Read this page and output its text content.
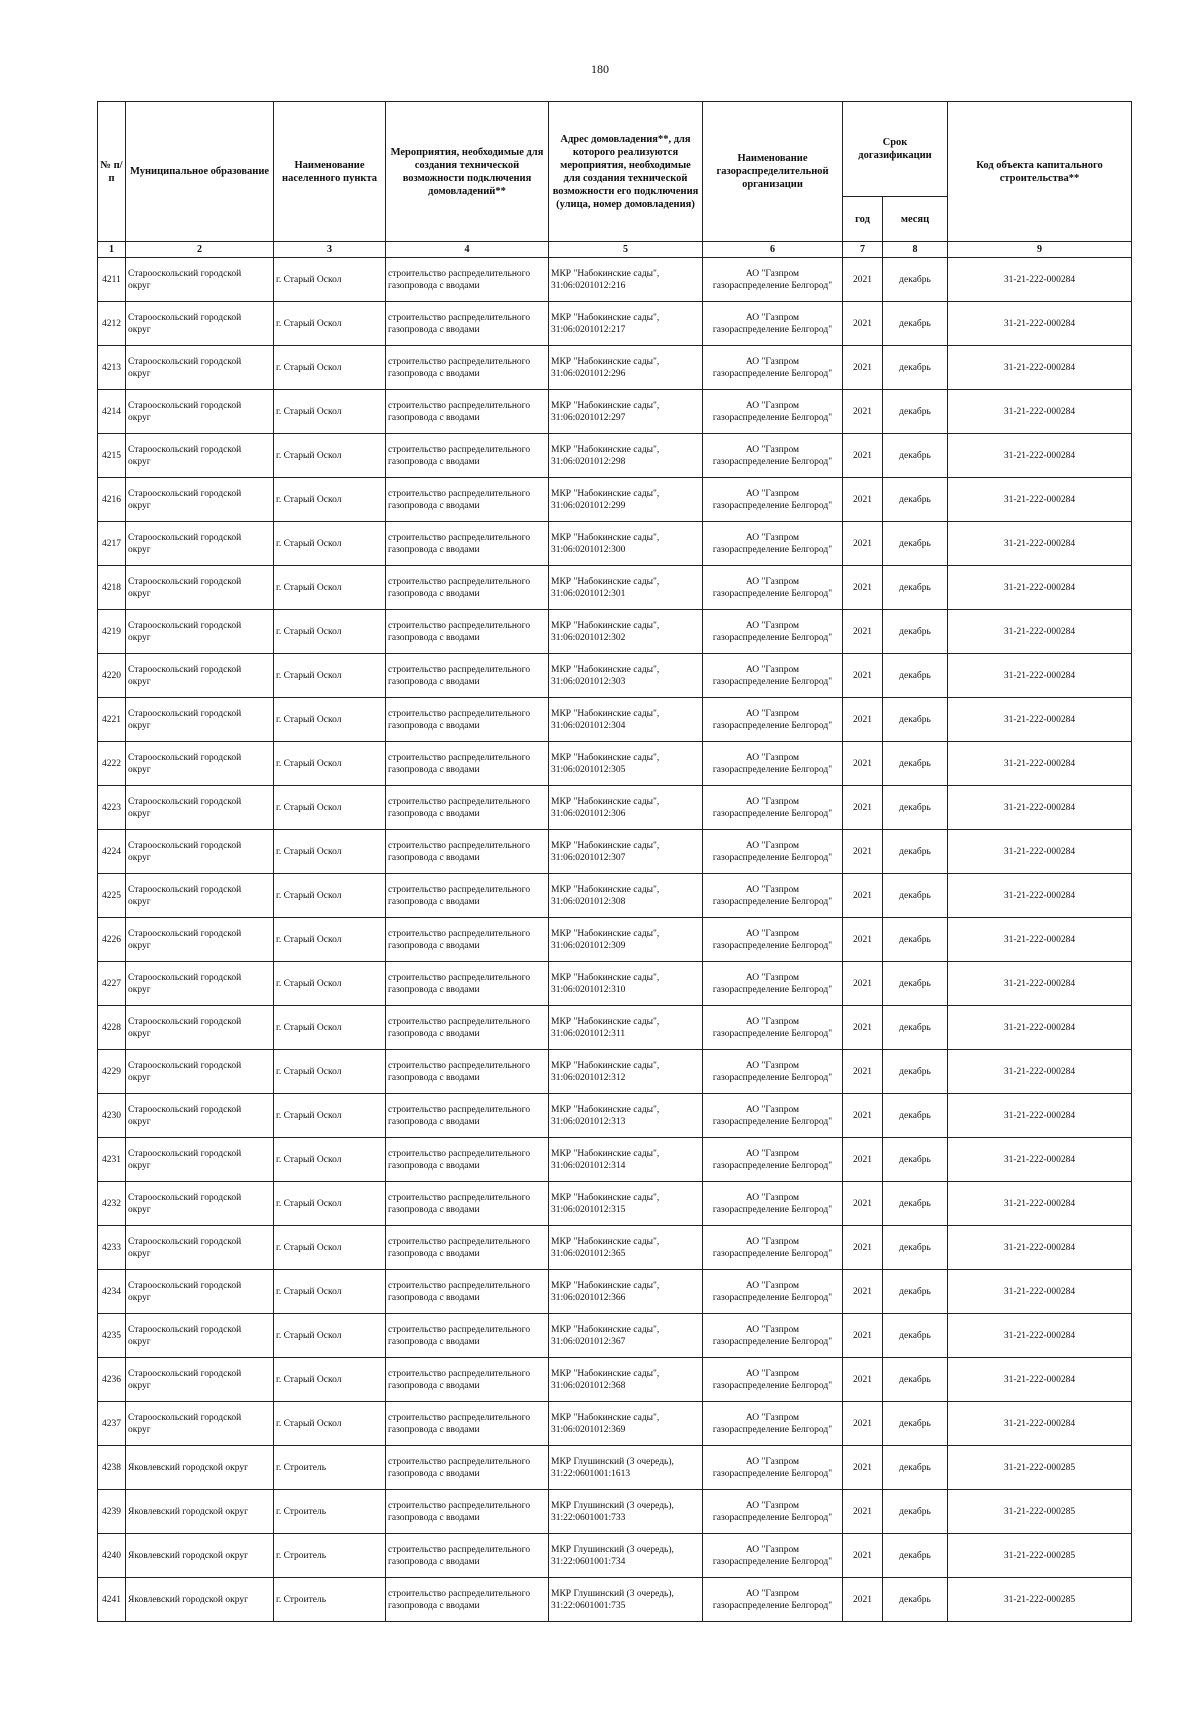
180
№ п/п	Муниципальное образование	Наименование населенного пункта	Мероприятия, необходимые для создания технической возможности подключения домовладений**	Адрес домовладения**, для которого реализуются мероприятия, необходимые для создания технической возможности его подключения (улица, номер домовладения)	Наименование газораспределительной организации	Срок догазификации		Код объекта капитального строительства**
						год	месяц	
1	2	3	4	5	6	7	8	9
4211	Старооскольский городской
округ	г. Старый Оскол	строительство распределительного
газопровода с вводами	МКР "Набокинские сады",
31:06:0201012:216	АО "Газпром
газораспределение Белгород"	2021	декабрь	31-21-222-000284
4212	Старооскольский городской
округ	г. Старый Оскол	строительство распределительного
газопровода с вводами	МКР "Набокинские сады",
31:06:0201012:217	АО "Газпром
газораспределение Белгород"	2021	декабрь	31-21-222-000284
4213	Старооскольский городской
округ	г. Старый Оскол	строительство распределительного
газопровода с вводами	МКР "Набокинские сады",
31:06:0201012:296	АО "Газпром
газораспределение Белгород"	2021	декабрь	31-21-222-000284
4214	Старооскольский городской
округ	г. Старый Оскол	строительство распределительного
газопровода с вводами	МКР "Набокинские сады",
31:06:0201012:297	АО "Газпром
газораспределение Белгород"	2021	декабрь	31-21-222-000284
4215	Старооскольский городской
округ	г. Старый Оскол	строительство распределительного
газопровода с вводами	МКР "Набокинские сады",
31:06:0201012:298	АО "Газпром
газораспределение Белгород"	2021	декабрь	31-21-222-000284
4216	Старооскольский городской
округ	г. Старый Оскол	строительство распределительного
газопровода с вводами	МКР "Набокинские сады",
31:06:0201012:299	АО "Газпром
газораспределение Белгород"	2021	декабрь	31-21-222-000284
4217	Старооскольский городской
округ	г. Старый Оскол	строительство распределительного
газопровода с вводами	МКР "Набокинские сады",
31:06:0201012:300	АО "Газпром
газораспределение Белгород"	2021	декабрь	31-21-222-000284
4218	Старооскольский городской
округ	г. Старый Оскол	строительство распределительного
газопровода с вводами	МКР "Набокинские сады",
31:06:0201012:301	АО "Газпром
газораспределение Белгород"	2021	декабрь	31-21-222-000284
4219	Старооскольский городской
округ	г. Старый Оскол	строительство распределительного
газопровода с вводами	МКР "Набокинские сады",
31:06:0201012:302	АО "Газпром
газораспределение Белгород"	2021	декабрь	31-21-222-000284
4220	Старооскольский городской
округ	г. Старый Оскол	строительство распределительного
газопровода с вводами	МКР "Набокинские сады",
31:06:0201012:303	АО "Газпром
газораспределение Белгород"	2021	декабрь	31-21-222-000284
4221	Старооскольский городской
округ	г. Старый Оскол	строительство распределительного
газопровода с вводами	МКР "Набокинские сады",
31:06:0201012:304	АО "Газпром
газораспределение Белгород"	2021	декабрь	31-21-222-000284
4222	Старооскольский городской
округ	г. Старый Оскол	строительство распределительного
газопровода с вводами	МКР "Набокинские сады",
31:06:0201012:305	АО "Газпром
газораспределение Белгород"	2021	декабрь	31-21-222-000284
4223	Старооскольский городской
округ	г. Старый Оскол	строительство распределительного
газопровода с вводами	МКР "Набокинские сады",
31:06:0201012:306	АО "Газпром
газораспределение Белгород"	2021	декабрь	31-21-222-000284
4224	Старооскольский городской
округ	г. Старый Оскол	строительство распределительного
газопровода с вводами	МКР "Набокинские сады",
31:06:0201012:307	АО "Газпром
газораспределение Белгород"	2021	декабрь	31-21-222-000284
4225	Старооскольский городской
округ	г. Старый Оскол	строительство распределительного
газопровода с вводами	МКР "Набокинские сады",
31:06:0201012:308	АО "Газпром
газораспределение Белгород"	2021	декабрь	31-21-222-000284
4226	Старооскольский городской
округ	г. Старый Оскол	строительство распределительного
газопровода с вводами	МКР "Набокинские сады",
31:06:0201012:309	АО "Газпром
газораспределение Белгород"	2021	декабрь	31-21-222-000284
4227	Старооскольский городской
округ	г. Старый Оскол	строительство распределительного
газопровода с вводами	МКР "Набокинские сады",
31:06:0201012:310	АО "Газпром
газораспределение Белгород"	2021	декабрь	31-21-222-000284
4228	Старооскольский городской
округ	г. Старый Оскол	строительство распределительного
газопровода с вводами	МКР "Набокинские сады",
31:06:0201012:311	АО "Газпром
газораспределение Белгород"	2021	декабрь	31-21-222-000284
4229	Старооскольский городской
округ	г. Старый Оскол	строительство распределительного
газопровода с вводами	МКР "Набокинские сады",
31:06:0201012:312	АО "Газпром
газораспределение Белгород"	2021	декабрь	31-21-222-000284
4230	Старооскольский городской
округ	г. Старый Оскол	строительство распределительного
газопровода с вводами	МКР "Набокинские сады",
31:06:0201012:313	АО "Газпром
газораспределение Белгород"	2021	декабрь	31-21-222-000284
4231	Старооскольский городской
округ	г. Старый Оскол	строительство распределительного
газопровода с вводами	МКР "Набокинские сады",
31:06:0201012:314	АО "Газпром
газораспределение Белгород"	2021	декабрь	31-21-222-000284
4232	Старооскольский городской
округ	г. Старый Оскол	строительство распределительного
газопровода с вводами	МКР "Набокинские сады",
31:06:0201012:315	АО "Газпром
газораспределение Белгород"	2021	декабрь	31-21-222-000284
4233	Старооскольский городской
округ	г. Старый Оскол	строительство распределительного
газопровода с вводами	МКР "Набокинские сады",
31:06:0201012:365	АО "Газпром
газораспределение Белгород"	2021	декабрь	31-21-222-000284
4234	Старооскольский городской
округ	г. Старый Оскол	строительство распределительного
газопровода с вводами	МКР "Набокинские сады",
31:06:0201012:366	АО "Газпром
газораспределение Белгород"	2021	декабрь	31-21-222-000284
4235	Старооскольский городской
округ	г. Старый Оскол	строительство распределительного
газопровода с вводами	МКР "Набокинские сады",
31:06:0201012:367	АО "Газпром
газораспределение Белгород"	2021	декабрь	31-21-222-000284
4236	Старооскольский городской
округ	г. Старый Оскол	строительство распределительного
газопровода с вводами	МКР "Набокинские сады",
31:06:0201012:368	АО "Газпром
газораспределение Белгород"	2021	декабрь	31-21-222-000284
4237	Старооскольский городской
округ	г. Старый Оскол	строительство распределительного
газопровода с вводами	МКР "Набокинские сады",
31:06:0201012:369	АО "Газпром
газораспределение Белгород"	2021	декабрь	31-21-222-000284
4238	Яковлевский городской округ	г. Строитель	строительство распределительного
газопровода с вводами	МКР Глушинский (3 очередь),
31:22:0601001:1613	АО "Газпром
газораспределение Белгород"	2021	декабрь	31-21-222-000285
4239	Яковлевский городской округ	г. Строитель	строительство распределительного
газопровода с вводами	МКР Глушинский (3 очередь),
31:22:0601001:733	АО "Газпром
газораспределение Белгород"	2021	декабрь	31-21-222-000285
4240	Яковлевский городской округ	г. Строитель	строительство распределительного
газопровода с вводами	МКР Глушинский (3 очередь),
31:22:0601001:734	АО "Газпром
газораспределение Белгород"	2021	декабрь	31-21-222-000285
4241	Яковлевский городской округ	г. Строитель	строительство распределительного
газопровода с вводами	МКР Глушинский (3 очередь),
31:22:0601001:735	АО "Газпром
газораспределение Белгород"	2021	декабрь	31-21-222-000285
